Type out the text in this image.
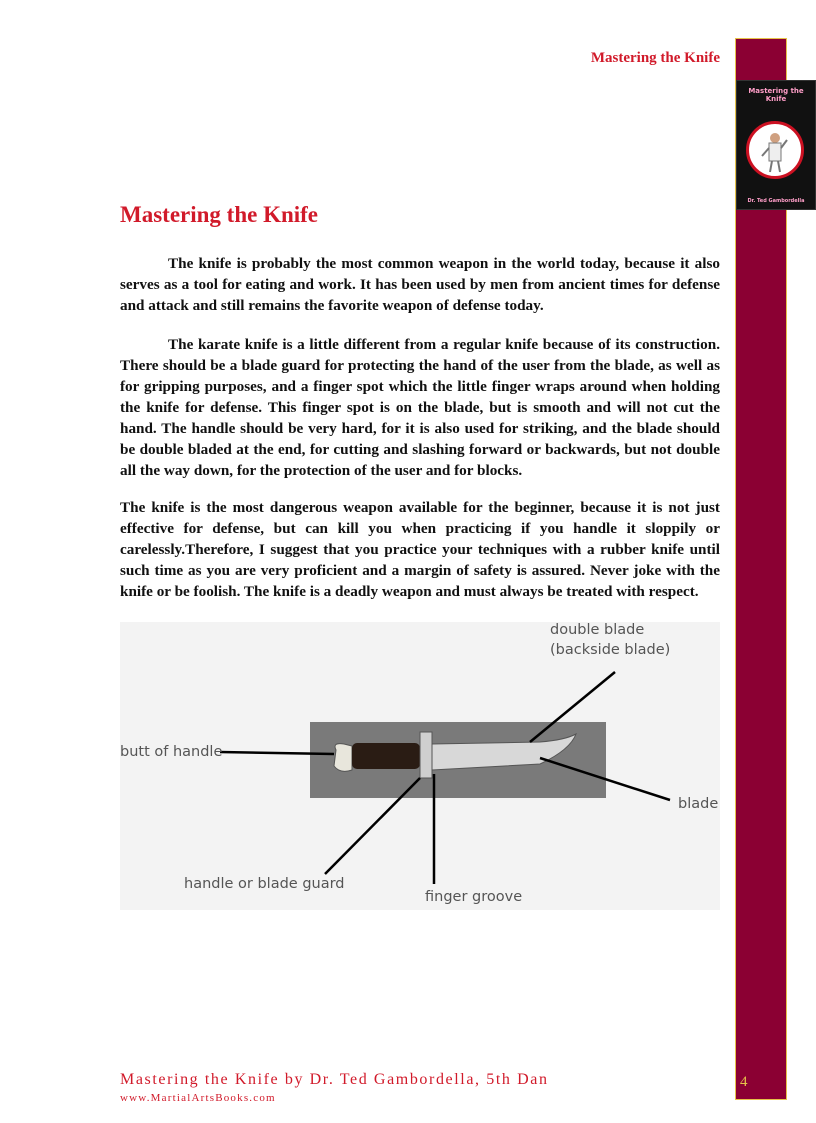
Mastering the Knife
Mastering the Knife
Dr. Ted Gambordella
Mastering the Knife

The knife is probably the most common weapon in the world today, because it also serves as a tool for eating and work. It has been used by men from ancient times for defense and attack and still remains the favorite weapon of defense today.

The karate knife is a little different from a regular knife because of its construction. There should be a blade guard for protecting the hand of the user from the blade, as well as for gripping purposes, and a finger spot which the little finger wraps around when holding the knife for defense. This finger spot is on the blade, but is smooth and will not cut the hand. The handle should be very hard, for it is also used for striking, and the blade should be double bladed at the end, for cutting and slashing forward or backwards, but not double all the way down, for the protection of the user and for blocks.

The knife is the most dangerous weapon available for the beginner, because it is not just effective for defense, but can kill you when practicing if you handle it sloppily or carelessly.Therefore, I suggest that you practice your techniques with a rubber knife until such time as you are very proficient and a margin of safety is assured. Never joke with the knife or be foolish. The knife is a deadly weapon and must always be treated with respect.

double blade
(backside blade)
butt of handle
blade
handle or blade guard
finger groove
Mastering the Knife by Dr. Ted Gambordella, 5th Dan
www.MartialArtsBooks.com
4
